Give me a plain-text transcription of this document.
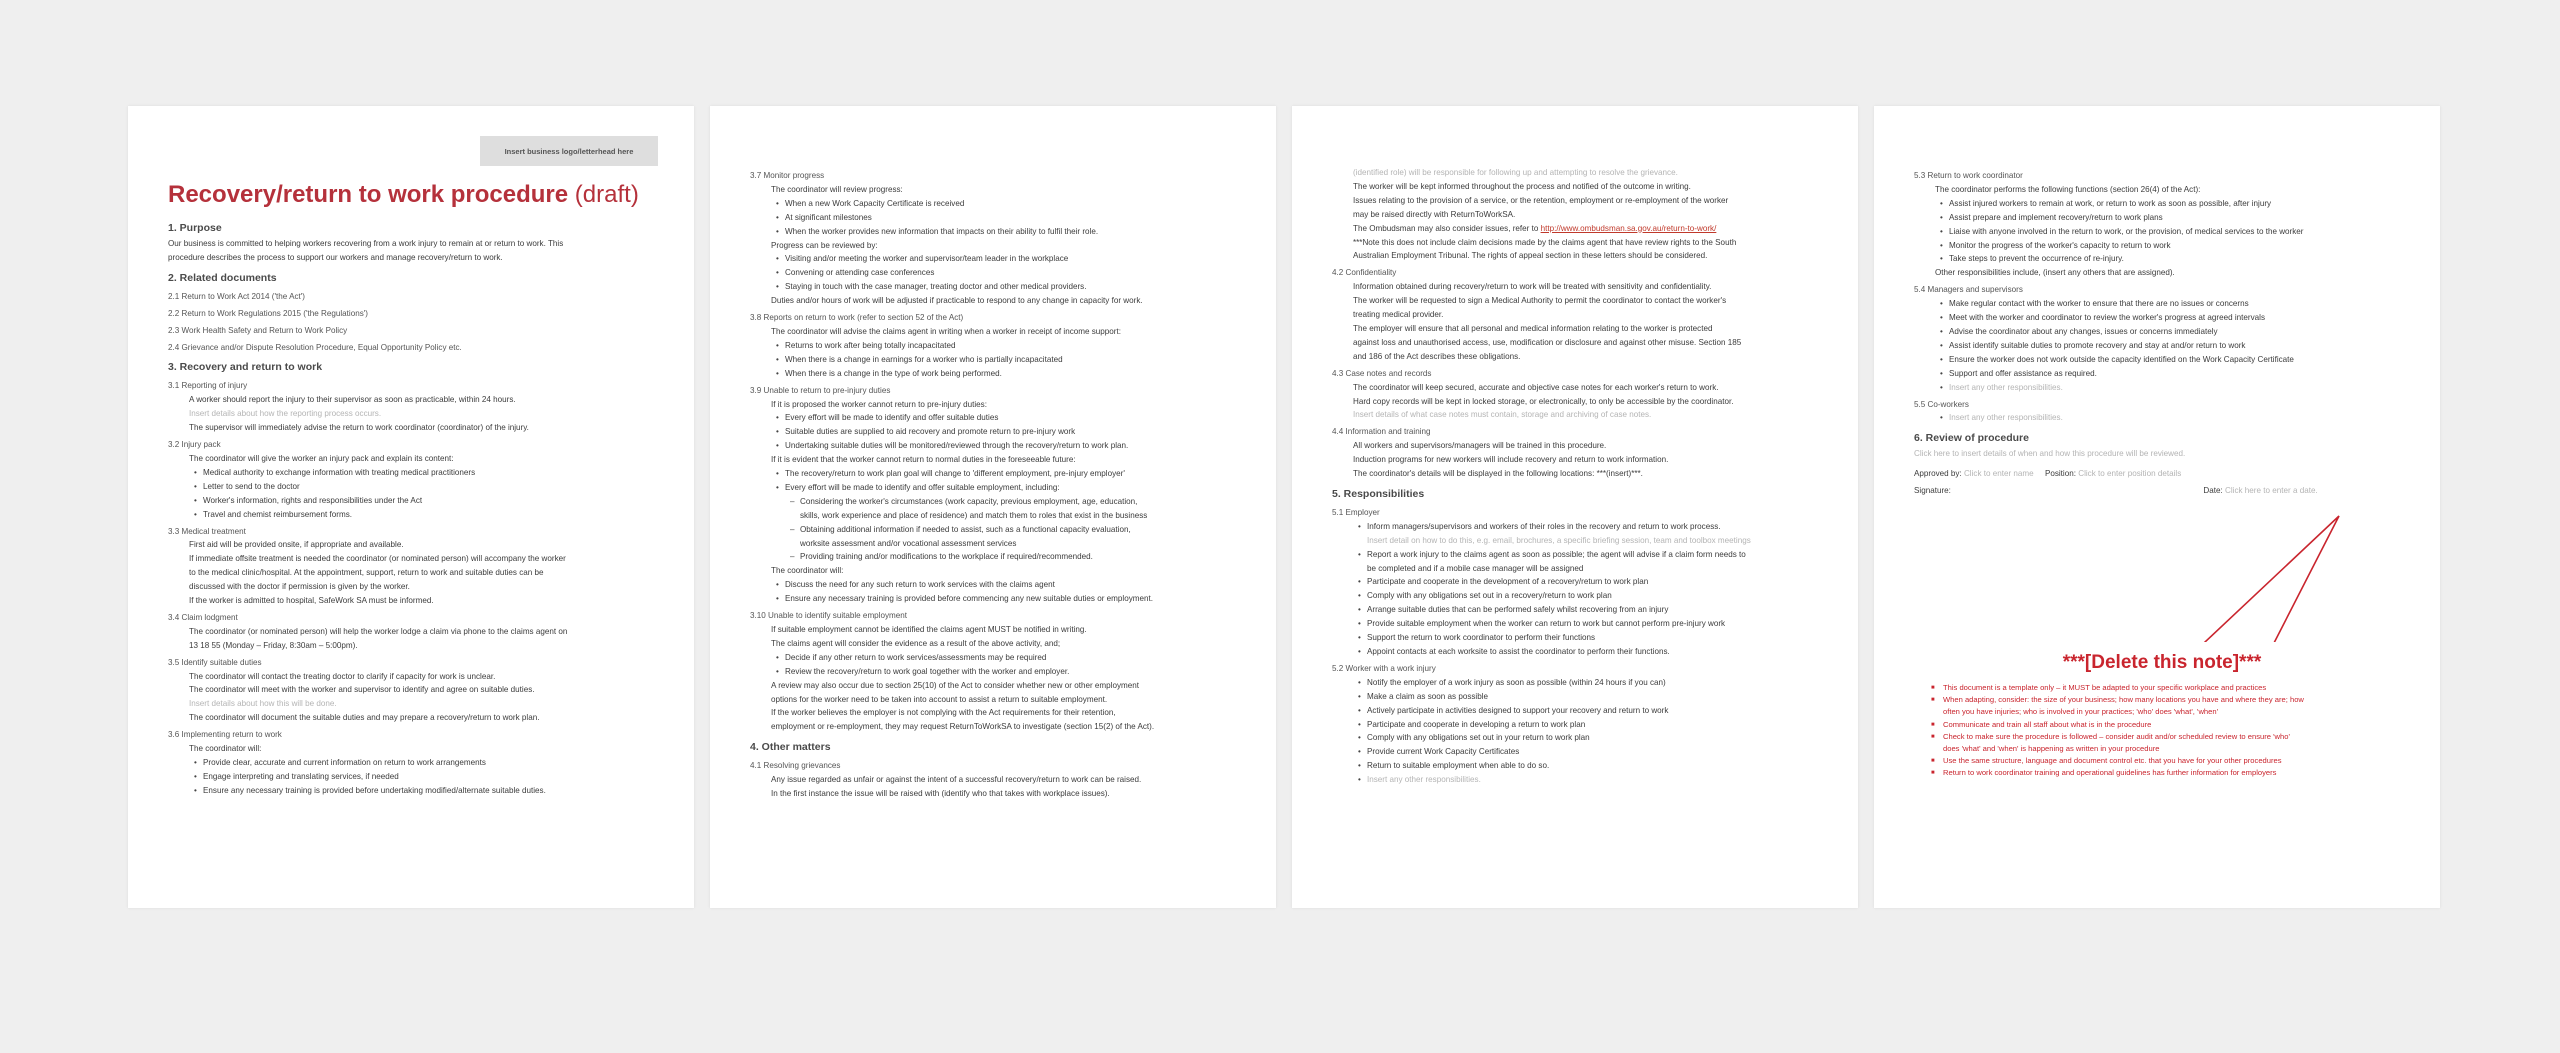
Insert business logo/letterhead here
Recovery/return to work procedure (draft)
1. Purpose
Our business is committed to helping workers recovering from a work injury to remain at or return to work. This
procedure describes the process to support our workers and manage recovery/return to work.
2. Related documents
2.1 Return to Work Act 2014 ('the Act')
2.2 Return to Work Regulations 2015 ('the Regulations')
2.3 Work Health Safety and Return to Work Policy
2.4 Grievance and/or Dispute Resolution Procedure, Equal Opportunity Policy etc.
3. Recovery and return to work
3.1 Reporting of injury
A worker should report the injury to their supervisor as soon as practicable, within 24 hours.
Insert details about how the reporting process occurs.
The supervisor will immediately advise the return to work coordinator (coordinator) of the injury.
3.2 Injury pack
The coordinator will give the worker an injury pack and explain its content:
• Medical authority to exchange information with treating medical practitioners
• Letter to send to the doctor
• Worker's information, rights and responsibilities under the Act
• Travel and chemist reimbursement forms.
3.3 Medical treatment
First aid will be provided onsite, if appropriate and available.
If immediate offsite treatment is needed the coordinator (or nominated person) will accompany the worker
to the medical clinic/hospital. At the appointment, support, return to work and suitable duties can be
discussed with the doctor if permission is given by the worker.
If the worker is admitted to hospital, SafeWork SA must be informed.
3.4 Claim lodgment
The coordinator (or nominated person) will help the worker lodge a claim via phone to the claims agent on
13 18 55 (Monday – Friday, 8:30am – 5:00pm).
3.5 Identify suitable duties
The coordinator will contact the treating doctor to clarify if capacity for work is unclear.
The coordinator will meet with the worker and supervisor to identify and agree on suitable duties.
Insert details about how this will be done.
The coordinator will document the suitable duties and may prepare a recovery/return to work plan.
3.6 Implementing return to work
The coordinator will:
• Provide clear, accurate and current information on return to work arrangements
• Engage interpreting and translating services, if needed
• Ensure any necessary training is provided before undertaking modified/alternate suitable duties.
3.7 Monitor progress
The coordinator will review progress:
• When a new Work Capacity Certificate is received
• At significant milestones
• When the worker provides new information that impacts on their ability to fulfil their role.
Progress can be reviewed by:
• Visiting and/or meeting the worker and supervisor/team leader in the workplace
• Convening or attending case conferences
• Staying in touch with the case manager, treating doctor and other medical providers.
Duties and/or hours of work will be adjusted if practicable to respond to any change in capacity for work.
3.8 Reports on return to work (refer to section 52 of the Act)
The coordinator will advise the claims agent in writing when a worker in receipt of income support:
• Returns to work after being totally incapacitated
• When there is a change in earnings for a worker who is partially incapacitated
• When there is a change in the type of work being performed.
3.9 Unable to return to pre-injury duties
If it is proposed the worker cannot return to pre-injury duties:
• Every effort will be made to identify and offer suitable duties
• Suitable duties are supplied to aid recovery and promote return to pre-injury work
• Undertaking suitable duties will be monitored/reviewed through the recovery/return to work plan.
If it is evident that the worker cannot return to normal duties in the foreseeable future:
• The recovery/return to work plan goal will change to 'different employment, pre-injury employer'
• Every effort will be made to identify and offer suitable employment, including:
– Considering the worker's circumstances (work capacity, previous employment, age, education,
skills, work experience and place of residence) and match them to roles that exist in the business
– Obtaining additional information if needed to assist, such as a functional capacity evaluation,
worksite assessment and/or vocational assessment services
– Providing training and/or modifications to the workplace if required/recommended.
The coordinator will:
• Discuss the need for any such return to work services with the claims agent
• Ensure any necessary training is provided before commencing any new suitable duties or employment.
3.10 Unable to identify suitable employment
If suitable employment cannot be identified the claims agent MUST be notified in writing.
The claims agent will consider the evidence as a result of the above activity, and;
• Decide if any other return to work services/assessments may be required
• Review the recovery/return to work goal together with the worker and employer.
A review may also occur due to section 25(10) of the Act to consider whether new or other employment
options for the worker need to be taken into account to assist a return to suitable employment.
If the worker believes the employer is not complying with the Act requirements for their retention,
employment or re-employment, they may request ReturnToWorkSA to investigate (section 15(2) of the Act).
4. Other matters
4.1 Resolving grievances
Any issue regarded as unfair or against the intent of a successful recovery/return to work can be raised.
In the first instance the issue will be raised with (identify who that takes with workplace issues).
(identified role) will be responsible for following up and attempting to resolve the grievance.
The worker will be kept informed throughout the process and notified of the outcome in writing.
Issues relating to the provision of a service, or the retention, employment or re-employment of the worker
may be raised directly with ReturnToWorkSA.
The Ombudsman may also consider issues, refer to http://www.ombudsman.sa.gov.au/return-to-work/
***Note this does not include claim decisions made by the claims agent that have review rights to the South
Australian Employment Tribunal. The rights of appeal section in these letters should be considered.
4.2 Confidentiality
Information obtained during recovery/return to work will be treated with sensitivity and confidentiality.
The worker will be requested to sign a Medical Authority to permit the coordinator to contact the worker's
treating medical provider.
The employer will ensure that all personal and medical information relating to the worker is protected
against loss and unauthorised access, use, modification or disclosure and against other misuse. Section 185
and 186 of the Act describes these obligations.
4.3 Case notes and records
The coordinator will keep secured, accurate and objective case notes for each worker's return to work.
Hard copy records will be kept in locked storage, or electronically, to only be accessible by the coordinator.
Insert details of what case notes must contain, storage and archiving of case notes.
4.4 Information and training
All workers and supervisors/managers will be trained in this procedure.
Induction programs for new workers will include recovery and return to work information.
The coordinator's details will be displayed in the following locations: ***(insert)***.
5. Responsibilities
5.1 Employer
• Inform managers/supervisors and workers of their roles in the recovery and return to work process.
Insert detail on how to do this, e.g. email, brochures, a specific briefing session, team and toolbox meetings
• Report a work injury to the claims agent as soon as possible; the agent will advise if a claim form needs to
be completed and if a mobile case manager will be assigned
• Participate and cooperate in the development of a recovery/return to work plan
• Comply with any obligations set out in a recovery/return to work plan
• Arrange suitable duties that can be performed safely whilst recovering from an injury
• Provide suitable employment when the worker can return to work but cannot perform pre-injury work
• Support the return to work coordinator to perform their functions
• Appoint contacts at each worksite to assist the coordinator to perform their functions.
5.2 Worker with a work injury
• Notify the employer of a work injury as soon as possible (within 24 hours if you can)
• Make a claim as soon as possible
• Actively participate in activities designed to support your recovery and return to work
• Participate and cooperate in developing a return to work plan
• Comply with any obligations set out in your return to work plan
• Provide current Work Capacity Certificates
• Return to suitable employment when able to do so.
• Insert any other responsibilities.
5.3 Return to work coordinator
The coordinator performs the following functions (section 26(4) of the Act):
• Assist injured workers to remain at work, or return to work as soon as possible, after injury
• Assist prepare and implement recovery/return to work plans
• Liaise with anyone involved in the return to work, or the provision, of medical services to the worker
• Monitor the progress of the worker's capacity to return to work
• Take steps to prevent the occurrence of re-injury.
Other responsibilities include, (insert any others that are assigned).
5.4 Managers and supervisors
• Make regular contact with the worker to ensure that there are no issues or concerns
• Meet with the worker and coordinator to review the worker's progress at agreed intervals
• Advise the coordinator about any changes, issues or concerns immediately
• Assist identify suitable duties to promote recovery and stay at and/or return to work
• Ensure the worker does not work outside the capacity identified on the Work Capacity Certificate
• Support and offer assistance as required.
• Insert any other responsibilities.
5.5 Co-workers
• Insert any other responsibilities.
6. Review of procedure
Click here to insert details of when and how this procedure will be reviewed.
Approved by: Click to enter name Position: Click to enter position details
Signature:	Date: Click here to enter a date.
***[Delete this note]***
■ This document is a template only – it MUST be adapted to your specific workplace and practices
■ When adapting, consider: the size of your business; how many locations you have and where they are; how
often you have injuries; who is involved in your practices; 'who' does 'what', 'when'
■ Communicate and train all staff about what is in the procedure
■ Check to make sure the procedure is followed – consider audit and/or scheduled review to ensure 'who'
does 'what' and 'when' is happening as written in your procedure
■ Use the same structure, language and document control etc. that you have for your other procedures
■ Return to work coordinator training and operational guidelines has further information for employers
